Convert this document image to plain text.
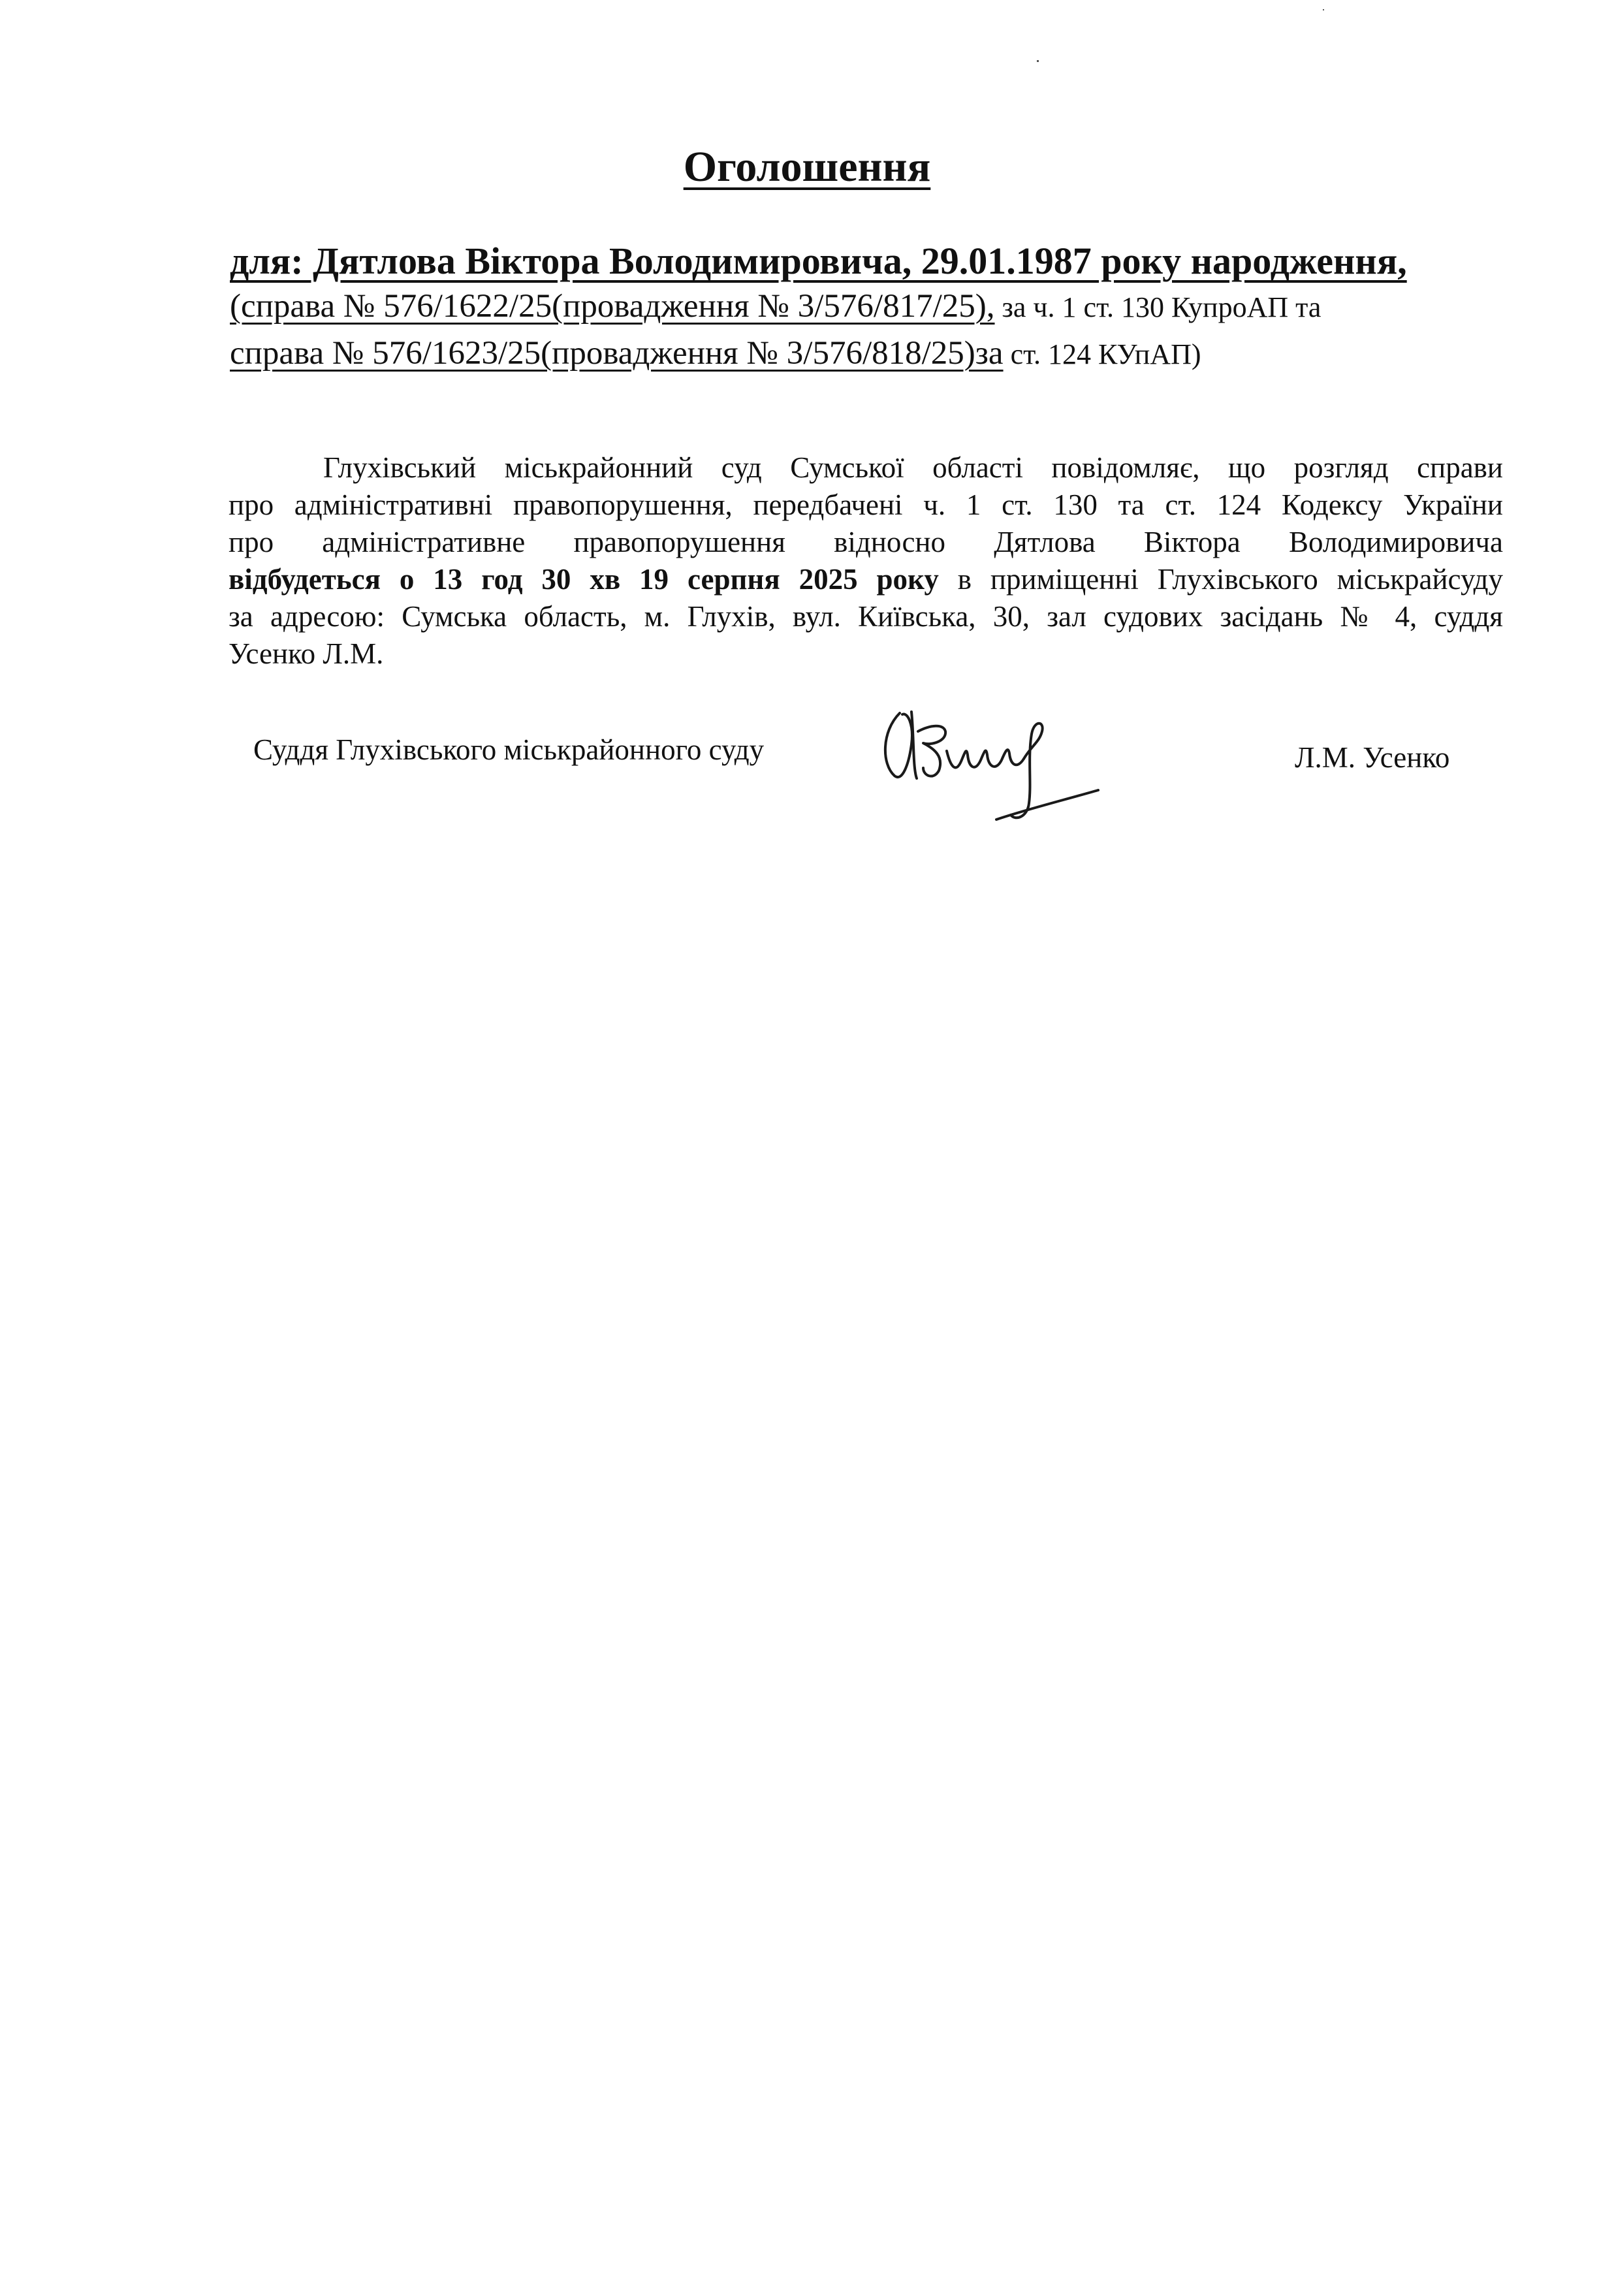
Оголошення
для: Дятлова Віктора Володимировича, 29.01.1987 року народження,
(справа № 576/1622/25(провадження № 3/576/817/25), за ч. 1 ст. 130 КупроАП та
справа № 576/1623/25(провадження № 3/576/818/25)за ст. 124 КУпАП)
Глухівський міськрайонний суд Сумської області повідомляє, що розгляд справи
про адміністративні правопорушення, передбачені ч. 1 ст. 130 та ст. 124 Кодексу України
про адміністративне правопорушення відносно Дятлова Віктора Володимировича
відбудеться о 13 год 30 хв 19 серпня 2025 року в приміщенні Глухівського міськрайсуду
за адресою: Сумська область, м. Глухів, вул. Київська, 30, зал судових засідань № 4, суддя
Усенко Л.М.
Суддя Глухівського міськрайонного суду	Л.М. Усенко
